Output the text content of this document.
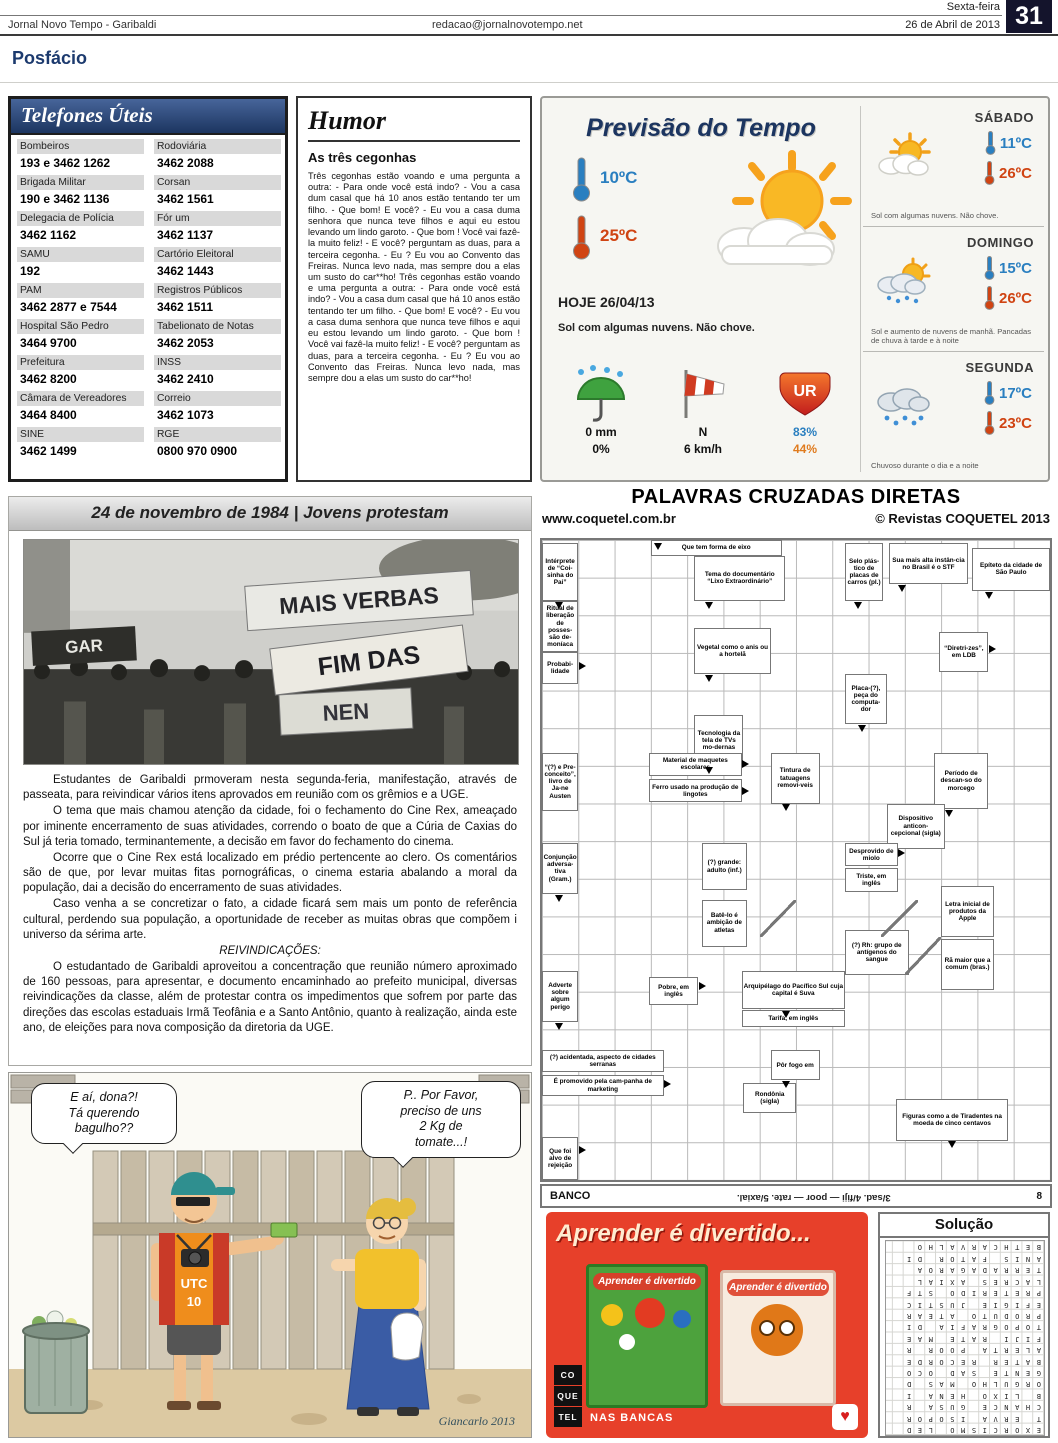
Sexta-feira
Jornal Novo Tempo - Garibaldi	redacao@jornalnovotempo.net	26 de Abril de 2013 31
Posfácio
Telefones Úteis
Bombeiros
193 e 3462 1262
Brigada Militar
190 e 3462 1136
Delegacia de Polícia
3462 1162
SAMU
192
PAM
3462 2877 e 7544
Hospital São Pedro
3464 9700
Prefeitura
3462 8200
Câmara de Vereadores
3464 8400
SINE
3462 1499
Rodoviária
3462 2088
Corsan
3462 1561
Fór um
3462 1137
Cartório Eleitoral
3462 1443
Registros Públicos
3462 1511
Tabelionato de Notas
3462 2053
INSS
3462 2410
Correio
3462 1073
RGE
0800 970 0900
Humor
As três cegonhas
Três cegonhas estão voando e uma pergunta a outra: - Para onde você está indo? - Vou a casa dum casal que há 10 anos estão tentando ter um filho. - Que bom! E você? - Eu vou a casa duma senhora que nunca teve filhos e aqui eu estou levando um lindo garoto. - Que bom ! Você vai fazê-la muito feliz! - E você? perguntam as duas, para a terceira cegonha. - Eu ? Eu vou ao Convento das Freiras. Nunca levo nada, mas sempre dou a elas um susto do car**ho! Três cegonhas estão voando e uma pergunta a outra: - Para onde você está indo? - Vou a casa dum casal que há 10 anos estão tentando ter um filho. - Que bom! E você? - Eu vou a casa duma senhora que nunca teve filhos e aqui eu estou levando um lindo garoto. - Que bom ! Você vai fazê-la muito feliz! - E você? perguntam as duas, para a terceira cegonha. - Eu ? Eu vou ao Convento das Freiras. Nunca levo nada, mas sempre dou a elas um susto do car**ho!
Previsão do Tempo
10ºC
25ºC
HOJE 26/04/13
Sol com algumas nuvens. Não chove.
0 mm
0%
N
6 km/h
UR
83%
44%
SÁBADO
11ºC
26ºC
Sol com algumas nuvens. Não chove.
DOMINGO
15ºC
26ºC
Sol e aumento de nuvens de manhã. Pancadas de chuva à tarde e à noite
SEGUNDA
17ºC
23ºC
Chuvoso durante o dia e a noite
24 de novembro de 1984 | Jovens protestam
GAR
MAIS VERBAS
FIM DAS
NEN

Estudantes de Garibaldi prmoveram nesta segunda-feria, manifestação, através de passeata, para reivindicar vários itens aprovados em reunião com os grêmios e a UGE.

O tema que mais chamou atenção da cidade, foi o fechamento do Cine Rex, ameaçado por iminente encerramento de suas atividades, correndo o boato de que a Cúria de Caxias do Sul já teria tomado, terminantemente, a decisão em favor do fechamento do cinema.

Ocorre que o Cine Rex está localizado em prédio pertencente ao clero. Os comentários são de que, por levar muitas fitas pornográficas, o cinema estaria abalando a moral da população, dai a decisão do encerramento de suas atividades.

Caso venha a se concretizar o fato, a cidade ficará sem mais um ponto de referência cultural, perdendo sua população, a oportunidade de receber as muitas obras que compõem i universo da sérima arte.

REIVINDICAÇÕES:

O estudantado de Garibaldi aproveitou a concentração que reunião número aproximado de 160 pessoas, para apresentar, e documento encaminhado ao prefeito municipal, diversas reivindicações da classe, além de protestar contra os impedimentos que sofrem por parte das direções das escolas estaduais Irmã Teofânia e a Santo Antônio, quanto à realização, ainda este ano, de eleições para nova composição da diretoria da UGE.

UTC
10
E aí, dona?!
Tá querendo
bagulho??
P.. Por Favor,
preciso de uns
2 Kg de
tomate...!
Giancarlo 2013
PALAVRAS CRUZADAS DIRETAS
www.coquetel.com.br	© Revistas COQUETEL 2013
Intérprete de “Coi-sinha do Pai”
Que tem forma de eixo
Tema do documentário “Lixo Extraordinário”
Selo plás-tico de placas de carros (pl.)
Sua mais alta instân-cia no Brasil é o STF	Epíteto da cidade de São Paulo
Ritual de liberação de posses-são de-moníaca
Probabi-lidade
Vegetal como o anis ou a hortelã
“Diretri-zes”, em LDB
Placa-(?), peça do computa-dor
Tecnologia da tela de TVs mo-dernas
“(?) e Pre-conceito”, livro de Ja-ne Austen
Material de maquetes escolares
Ferro usado na produção de lingotes
Tintura de tatuagens removí-veis
Período de descan-so do morcego
Dispositivo anticon-cepcional (sigla)
Conjunção adversa-tiva (Gram.)
(?) grande: adulto (inf.)
Desprovido de miolo
Triste, em inglês
Batê-lo é ambição de atletas
Letra inicial de produtos da Apple
(?) Rh: grupo de antígenos do sangue	Rã maior que a comum (bras.)
Adverte sobre algum perigo
Pobre, em inglês
Arquipélago do Pacífico Sul cuja capital é Suva
Tarifa, em inglês
(?) acidentada, aspecto de cidades serranas
É promovido pela cam-panha de marketing
Pôr fogo em
Rondônia (sigla)
Figuras como a de Tiradentes na moeda de cinco centavos
Que foi alvo de rejeição
BANCO	3/sad. 4/fiji — poor — rate. 5/axial.	8
Aprender é divertido...
Aprender é divertido
Aprender é divertido
CO
QUE
TEL	NAS BANCAS	♥
Solução
EXORCISMO LED
T ERVA ISOPOR
CHANCE GUSA R
B LIXO HENA I
ORGULHO MAS D
GENTE SAD OCO
BATER RECORDE
ALERTA POOR R
FIJI RATE MAE
TOPOGRAFIA DI
PRODUTO ATEAR
EFIGIE JUSTIC
PRETERIDO STF
LACRES AXIAL
TERRADAGAROA
ANIS FATOR DI
BETHCARVALHO
